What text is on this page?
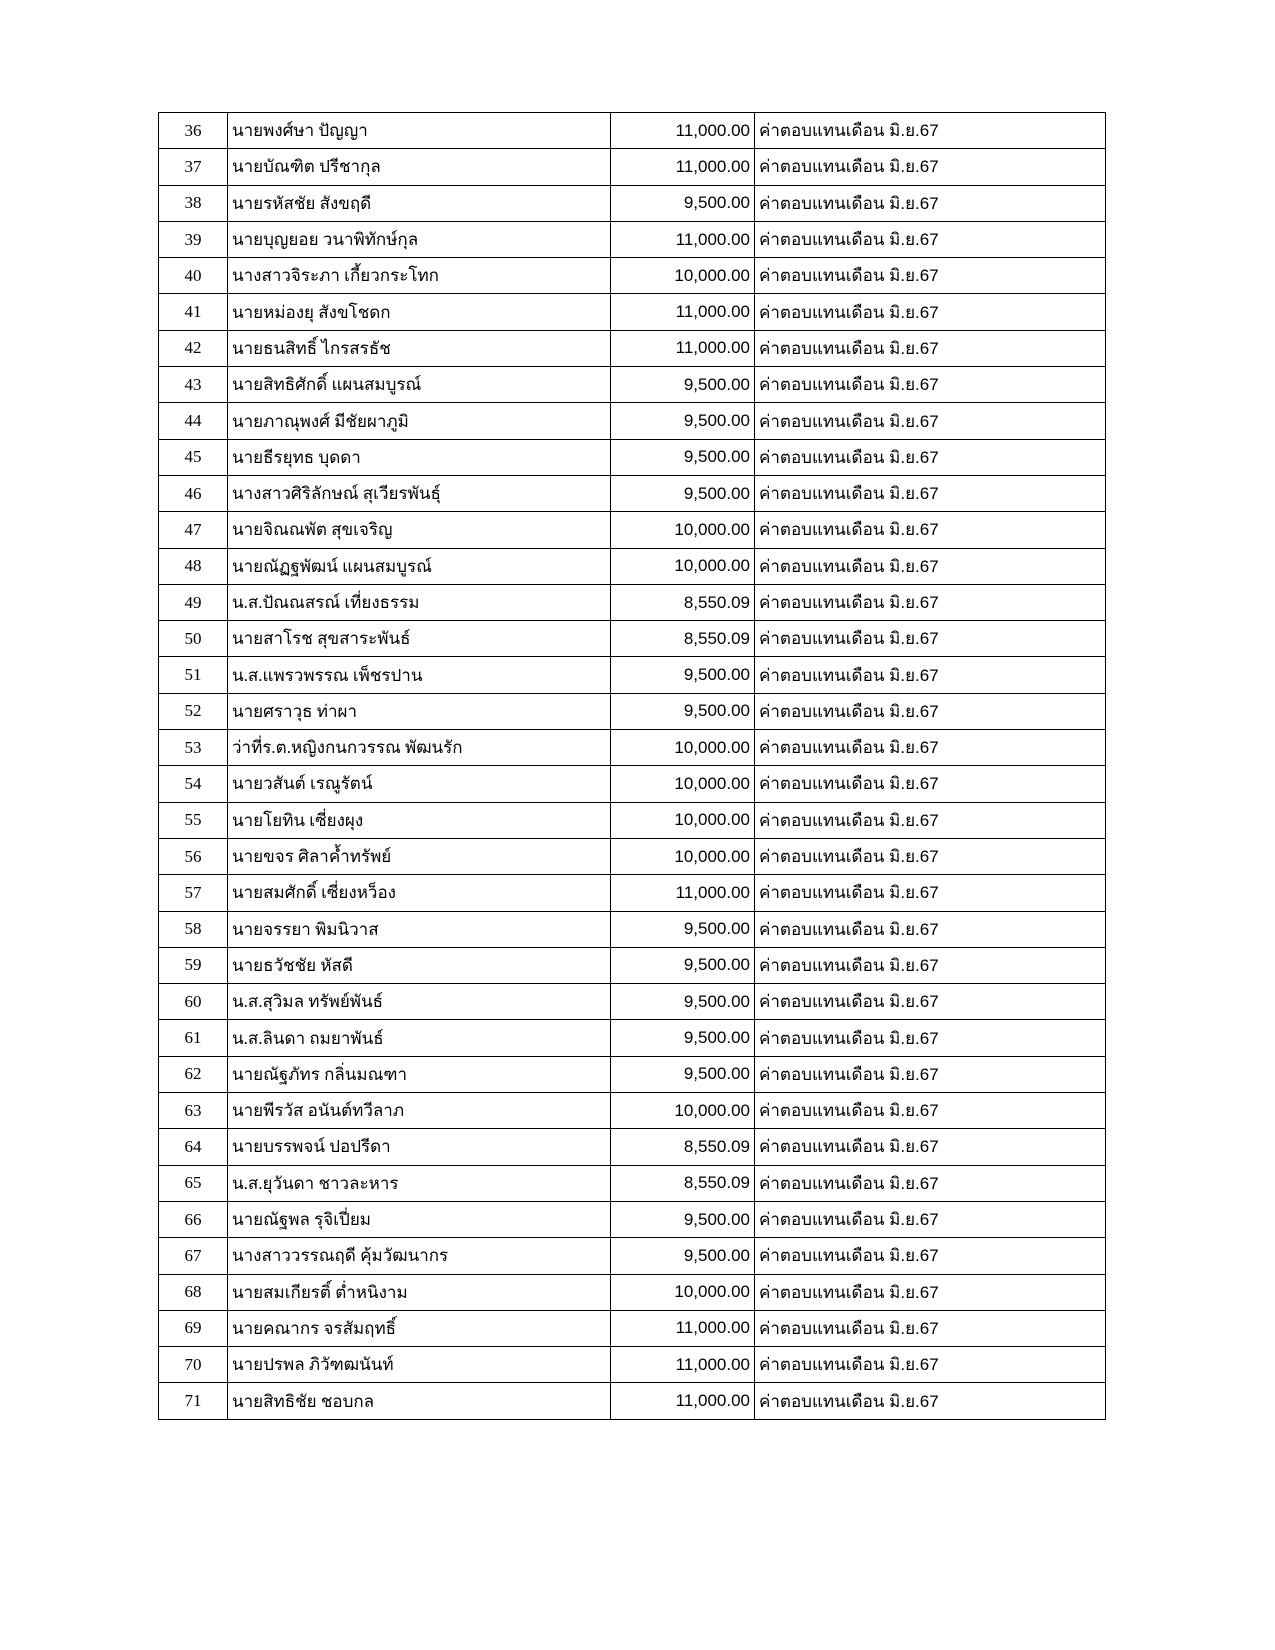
36	นายพงศ์ษา ปัญญา	11,000.00	ค่าตอบแทนเดือน มิ.ย.67
37	นายบัณฑิต ปรีชากุล	11,000.00	ค่าตอบแทนเดือน มิ.ย.67
38	นายรหัสชัย สังขฤดี	9,500.00	ค่าตอบแทนเดือน มิ.ย.67
39	นายบุญยอย วนาพิทักษ์กุล	11,000.00	ค่าตอบแทนเดือน มิ.ย.67
40	นางสาวจิระภา เกี้ยวกระโทก	10,000.00	ค่าตอบแทนเดือน มิ.ย.67
41	นายหม่องยุ สังขโชดก	11,000.00	ค่าตอบแทนเดือน มิ.ย.67
42	นายธนสิทธิ์ ไกรสรธัช	11,000.00	ค่าตอบแทนเดือน มิ.ย.67
43	นายสิทธิศักดิ์ แผนสมบูรณ์	9,500.00	ค่าตอบแทนเดือน มิ.ย.67
44	นายภาณุพงศ์ มีชัยผาภูมิ	9,500.00	ค่าตอบแทนเดือน มิ.ย.67
45	นายธีรยุทธ บุดดา	9,500.00	ค่าตอบแทนเดือน มิ.ย.67
46	นางสาวศิริลักษณ์ สุเวียรพันธุ์	9,500.00	ค่าตอบแทนเดือน มิ.ย.67
47	นายจิณณพัต สุขเจริญ	10,000.00	ค่าตอบแทนเดือน มิ.ย.67
48	นายณัฏฐพัฒน์ แผนสมบูรณ์	10,000.00	ค่าตอบแทนเดือน มิ.ย.67
49	น.ส.ปัณณสรณ์ เที่ยงธรรม	8,550.09	ค่าตอบแทนเดือน มิ.ย.67
50	นายสาโรช สุขสาระพันธ์	8,550.09	ค่าตอบแทนเดือน มิ.ย.67
51	น.ส.แพรวพรรณ เพ็ชรปาน	9,500.00	ค่าตอบแทนเดือน มิ.ย.67
52	นายศราวุธ ท่าผา	9,500.00	ค่าตอบแทนเดือน มิ.ย.67
53	ว่าที่ร.ต.หญิงกนกวรรณ พัฒนรัก	10,000.00	ค่าตอบแทนเดือน มิ.ย.67
54	นายวสันต์ เรณูรัตน์	10,000.00	ค่าตอบแทนเดือน มิ.ย.67
55	นายโยทิน เซี่ยงผุง	10,000.00	ค่าตอบแทนเดือน มิ.ย.67
56	นายขจร ศิลาค้ำทรัพย์	10,000.00	ค่าตอบแทนเดือน มิ.ย.67
57	นายสมศักดิ์ เซี่ยงหว็อง	11,000.00	ค่าตอบแทนเดือน มิ.ย.67
58	นายจรรยา พิมนิวาส	9,500.00	ค่าตอบแทนเดือน มิ.ย.67
59	นายธวัชชัย หัสดี	9,500.00	ค่าตอบแทนเดือน มิ.ย.67
60	น.ส.สุวิมล ทรัพย์พันธ์	9,500.00	ค่าตอบแทนเดือน มิ.ย.67
61	น.ส.ลินดา ถมยาพันธ์	9,500.00	ค่าตอบแทนเดือน มิ.ย.67
62	นายณัฐภัทร กลิ่นมณฑา	9,500.00	ค่าตอบแทนเดือน มิ.ย.67
63	นายพีรวัส อนันต์ทวีลาภ	10,000.00	ค่าตอบแทนเดือน มิ.ย.67
64	นายบรรพจน์ ปอปรีดา	8,550.09	ค่าตอบแทนเดือน มิ.ย.67
65	น.ส.ยุวันดา ชาวละหาร	8,550.09	ค่าตอบแทนเดือน มิ.ย.67
66	นายณัฐพล รุจิเปี่ยม	9,500.00	ค่าตอบแทนเดือน มิ.ย.67
67	นางสาววรรณฤดี คุ้มวัฒนากร	9,500.00	ค่าตอบแทนเดือน มิ.ย.67
68	นายสมเกียรติ์ ต่ำหนิงาม	10,000.00	ค่าตอบแทนเดือน มิ.ย.67
69	นายคณากร จรสัมฤทธิ์	11,000.00	ค่าตอบแทนเดือน มิ.ย.67
70	นายปรพล ภิวัฑฒนันท์	11,000.00	ค่าตอบแทนเดือน มิ.ย.67
71	นายสิทธิชัย ชอบกล	11,000.00	ค่าตอบแทนเดือน มิ.ย.67
